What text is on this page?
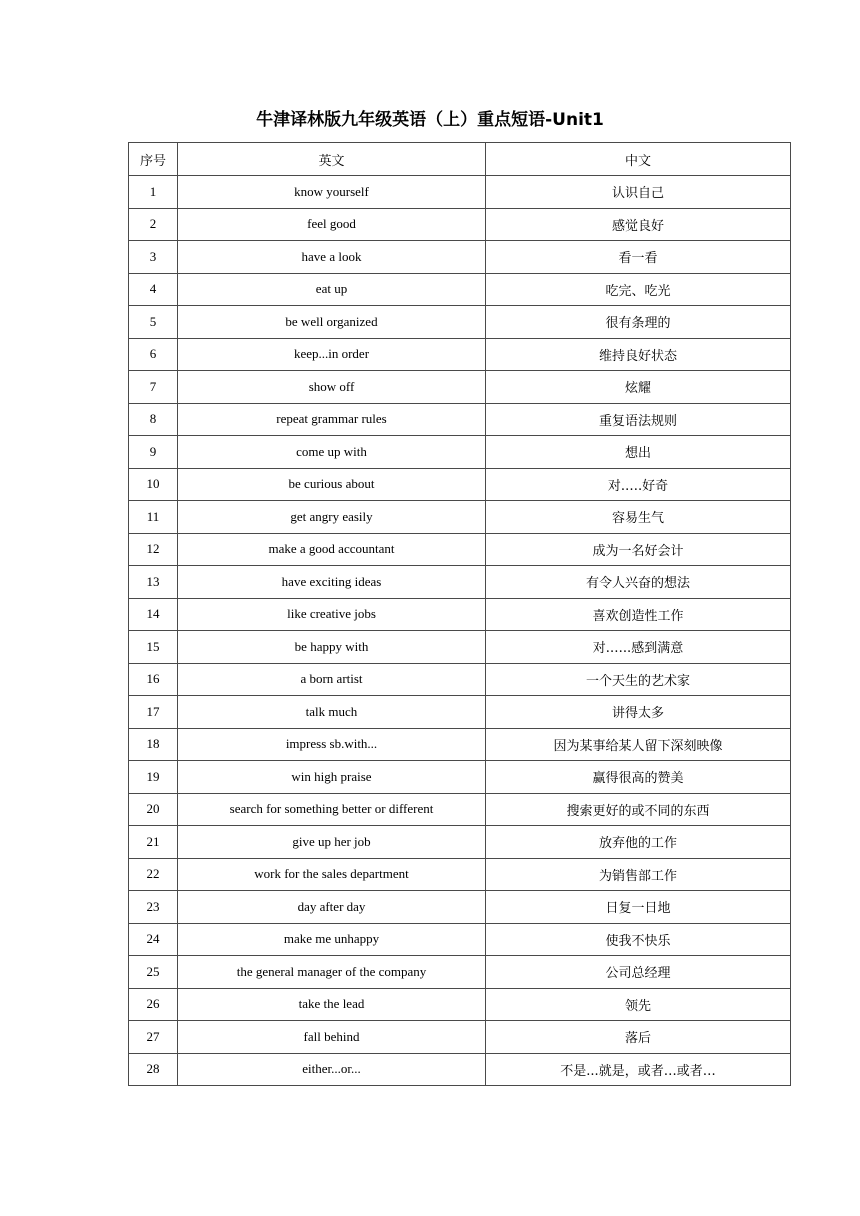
牛津译林版九年级英语（上）重点短语-Unit1
序号	英文	中文
1	know yourself	认识自己
2	feel good	感觉良好
3	have a look	看一看
4	eat up	吃完、吃光
5	be well organized	很有条理的
6	keep...in order	维持良好状态
7	show off	炫耀
8	repeat grammar rules	重复语法规则
9	come up with	想出
10	be curious about	对.….好奇
11	get angry easily	容易生气
12	make a good accountant	成为一名好会计
13	have exciting ideas	有令人兴奋的想法
14	like creative jobs	喜欢创造性工作
15	be happy with	对.…..感到满意
16	a born artist	一个天生的艺术家
17	talk much	讲得太多
18	impress sb.with...	因为某事给某人留下深刻映像
19	win high praise	赢得很高的赞美
20	search for something better or different	搜索更好的或不同的东西
21	give up her job	放弃他的工作
22	work for the sales department	为销售部工作
23	day after day	日复一日地
24	make me unhappy	使我不快乐
25	the general manager of the company	公司总经理
26	take the lead	领先
27	fall behind	落后
28	either...or...	不是...就是，或者…或者…
